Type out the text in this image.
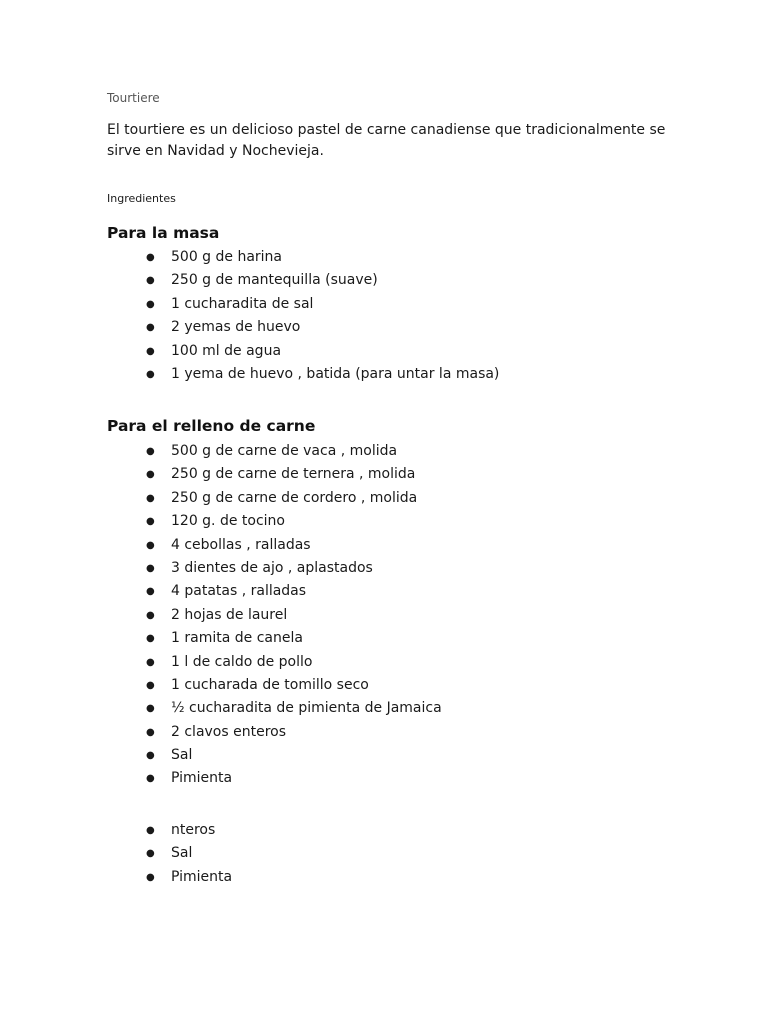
Tourtiere

El tourtiere es un delicioso pastel de carne canadiense que tradicionalmente se sirve en Navidad y Nochevieja.

Ingredientes
Para la masa
● 500 g de harina
● 250 g de mantequilla (suave)
● 1 cucharadita de sal
● 2 yemas de huevo
● 100 ml de agua
● 1 yema de huevo , batida (para untar la masa)
Para el relleno de carne
● 500 g de carne de vaca , molida
● 250 g de carne de ternera , molida
● 250 g de carne de cordero , molida
● 120 g. de tocino
● 4 cebollas , ralladas
● 3 dientes de ajo , aplastados
● 4 patatas , ralladas
● 2 hojas de laurel
● 1 ramita de canela
● 1 l de caldo de pollo
● 1 cucharada de tomillo seco
● ½ cucharadita de pimienta de Jamaica
● 2 clavos enteros
● Sal
● Pimienta
● nteros
● Sal
● Pimienta
